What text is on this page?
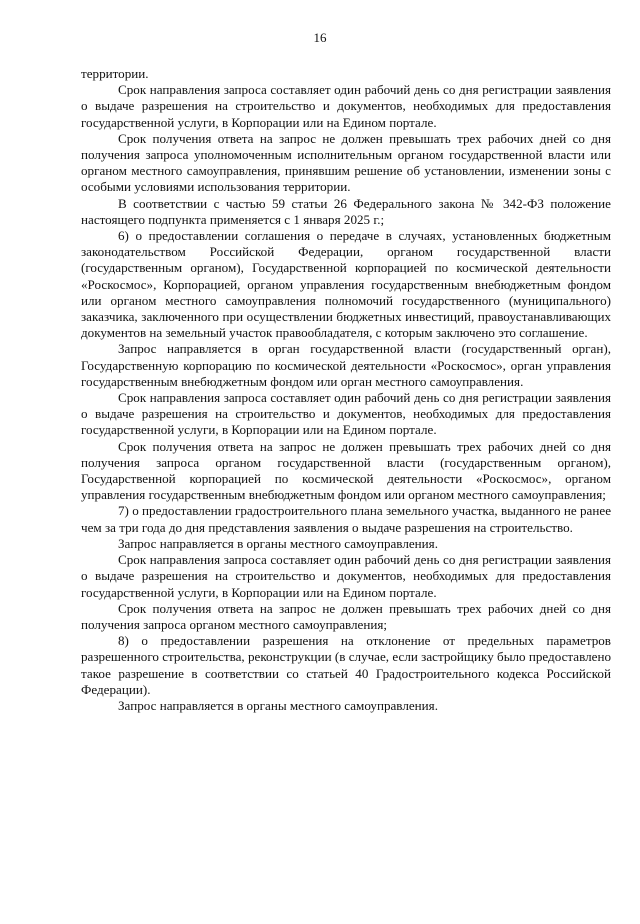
16

территории.

Срок направления запроса составляет один рабочий день со дня регистрации заявления о выдаче разрешения на строительство и документов, необходимых для предоставления государственной услуги, в Корпорации или на Едином портале.

Срок получения ответа на запрос не должен превышать трех рабочих дней со дня получения запроса уполномоченным исполнительным органом государственной власти или органом местного самоуправления, принявшим решение об установлении, изменении зоны с особыми условиями использования территории.

В соответствии с частью 59 статьи 26 Федерального закона № 342-ФЗ положение настоящего подпункта применяется с 1 января 2025 г.;

6) о предоставлении соглашения о передаче в случаях, установленных бюджетным законодательством Российской Федерации, органом государственной власти (государственным органом), Государственной корпорацией по космической деятельности «Роскосмос», Корпорацией, органом управления государственным внебюджетным фондом или органом местного самоуправления полномочий государственного (муниципального) заказчика, заключенного при осуществлении бюджетных инвестиций, правоустанавливающих документов на земельный участок правообладателя, с которым заключено это соглашение.

Запрос направляется в орган государственной власти (государственный орган), Государственную корпорацию по космической деятельности «Роскосмос», орган управления государственным внебюджетным фондом или орган местного самоуправления.

Срок направления запроса составляет один рабочий день со дня регистрации заявления о выдаче разрешения на строительство и документов, необходимых для предоставления государственной услуги, в Корпорации или на Едином портале.

Срок получения ответа на запрос не должен превышать трех рабочих дней со дня получения запроса органом государственной власти (государственным органом), Государственной корпорацией по космической деятельности «Роскосмос», органом управления государственным внебюджетным фондом или органом местного самоуправления;

7) о предоставлении градостроительного плана земельного участка, выданного не ранее чем за три года до дня представления заявления о выдаче разрешения на строительство.

Запрос направляется в органы местного самоуправления.

Срок направления запроса составляет один рабочий день со дня регистрации заявления о выдаче разрешения на строительство и документов, необходимых для предоставления государственной услуги, в Корпорации или на Едином портале.

Срок получения ответа на запрос не должен превышать трех рабочих дней со дня получения запроса органом местного самоуправления;

8) о предоставлении разрешения на отклонение от предельных параметров разрешенного строительства, реконструкции (в случае, если застройщику было предоставлено такое разрешение в соответствии со статьей 40 Градостроительного кодекса Российской Федерации).

Запрос направляется в органы местного самоуправления.
